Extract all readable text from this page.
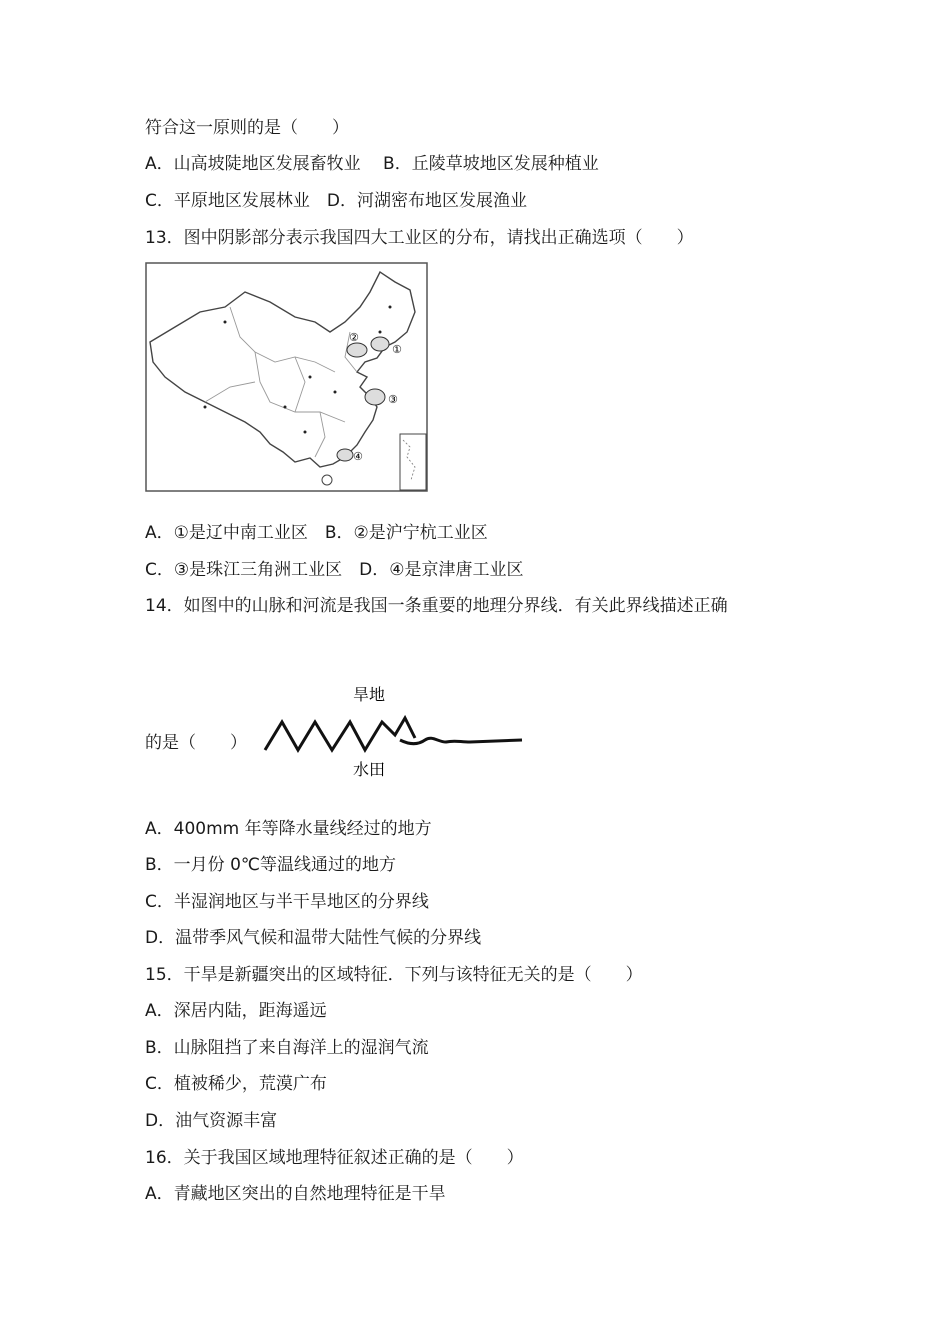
符合这一原则的是（　　）
A．山高坡陡地区发展畜牧业　 B．丘陵草坡地区发展种植业
C．平原地区发展林业　D．河湖密布地区发展渔业
13．图中阴影部分表示我国四大工业区的分布，请找出正确选项（　　）
①
②
③
④
A．①是辽中南工业区　B．②是沪宁杭工业区
C．③是珠江三角洲工业区　D．④是京津唐工业区
14．如图中的山脉和河流是我国一条重要的地理分界线．有关此界线描述正确
的是（　　）
旱地
水田
A．400mm 年等降水量线经过的地方
B．一月份 0℃等温线通过的地方
C．半湿润地区与半干旱地区的分界线
D．温带季风气候和温带大陆性气候的分界线
15．干旱是新疆突出的区域特征．下列与该特征无关的是（　　）
A．深居内陆，距海遥远
B．山脉阻挡了来自海洋上的湿润气流
C．植被稀少，荒漠广布
D．油气资源丰富
16．关于我国区域地理特征叙述正确的是（　　）
A．青藏地区突出的自然地理特征是干旱
